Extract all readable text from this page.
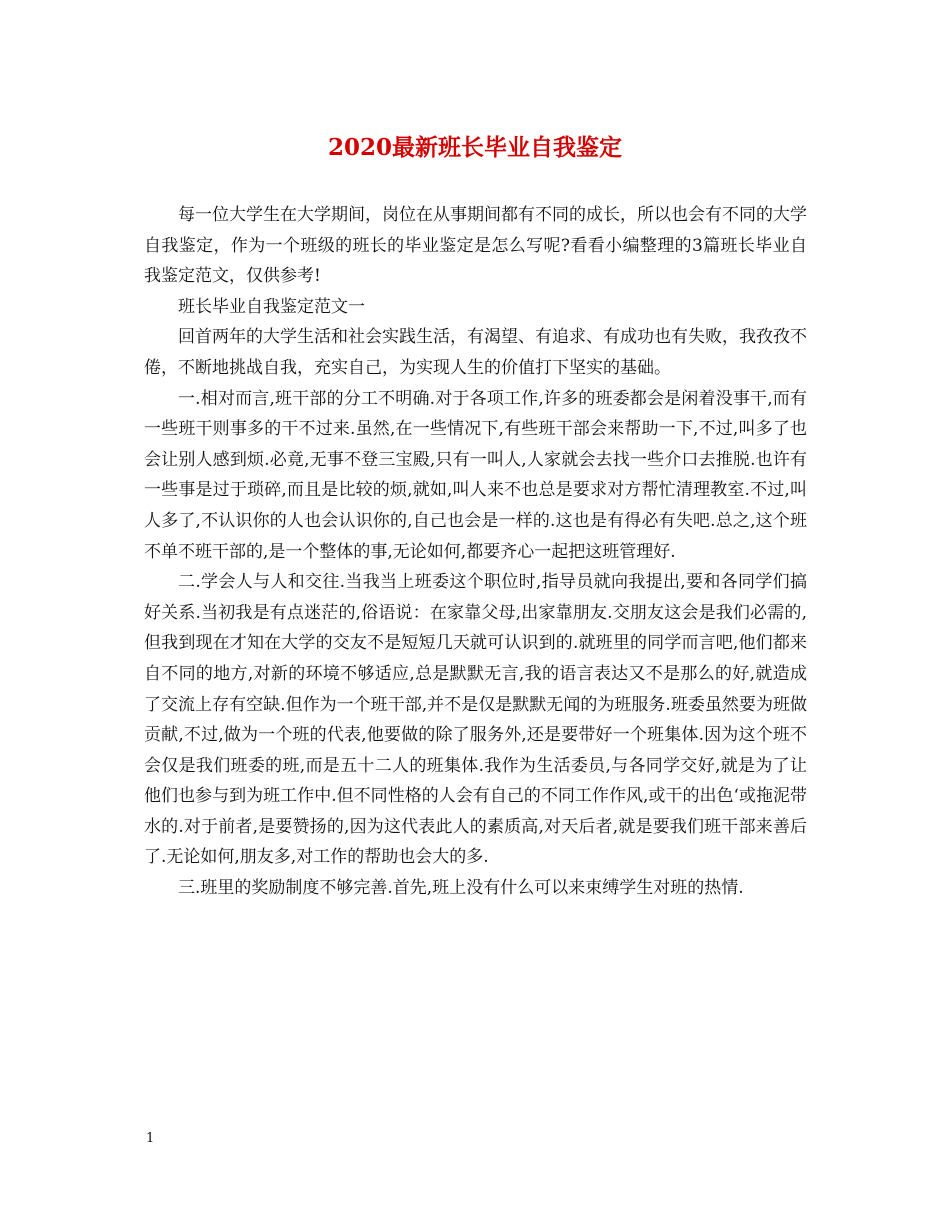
2020最新班长毕业自我鉴定

每一位大学生在大学期间，岗位在从事期间都有不同的成长，所以也会有不同的大学自我鉴定，作为一个班级的班长的毕业鉴定是怎么写呢?看看小编整理的3篇班长毕业自我鉴定范文，仅供参考!

班长毕业自我鉴定范文一

回首两年的大学生活和社会实践生活，有渴望、有追求、有成功也有失败，我孜孜不倦，不断地挑战自我，充实自己，为实现人生的价值打下坚实的基础。

一.相对而言,班干部的分工不明确.对于各项工作,许多的班委都会是闲着没事干,而有一些班干则事多的干不过来.虽然,在一些情况下,有些班干部会来帮助一下,不过,叫多了也会让别人感到烦.必竟,无事不登三宝殿,只有一叫人,人家就会去找一些介口去推脱.也许有一些事是过于琐碎,而且是比较的烦,就如,叫人来不也总是要求对方帮忙清理教室.不过,叫人多了,不认识你的人也会认识你的,自己也会是一样的.这也是有得必有失吧.总之,这个班不单不班干部的,是一个整体的事,无论如何,都要齐心一起把这班管理好.

二.学会人与人和交往.当我当上班委这个职位时,指导员就向我提出,要和各同学们搞好关系.当初我是有点迷茫的,俗语说：在家靠父母,出家靠朋友.交朋友这会是我们必需的,但我到现在才知在大学的交友不是短短几天就可认识到的.就班里的同学而言吧,他们都来自不同的地方,对新的环境不够适应,总是默默无言,我的语言表达又不是那么的好,就造成了交流上存有空缺.但作为一个班干部,并不是仅是默默无闻的为班服务.班委虽然要为班做贡献,不过,做为一个班的代表,他要做的除了服务外,还是要带好一个班集体.因为这个班不会仅是我们班委的班,而是五十二人的班集体.我作为生活委员,与各同学交好,就是为了让他们也参与到为班工作中.但不同性格的人会有自己的不同工作作风,或干的出色‘或拖泥带水的.对于前者,是要赞扬的,因为这代表此人的素质高,对天后者,就是要我们班干部来善后了.无论如何,朋友多,对工作的帮助也会大的多.

三.班里的奖励制度不够完善.首先,班上没有什么可以来束缚学生对班的热情.

1
